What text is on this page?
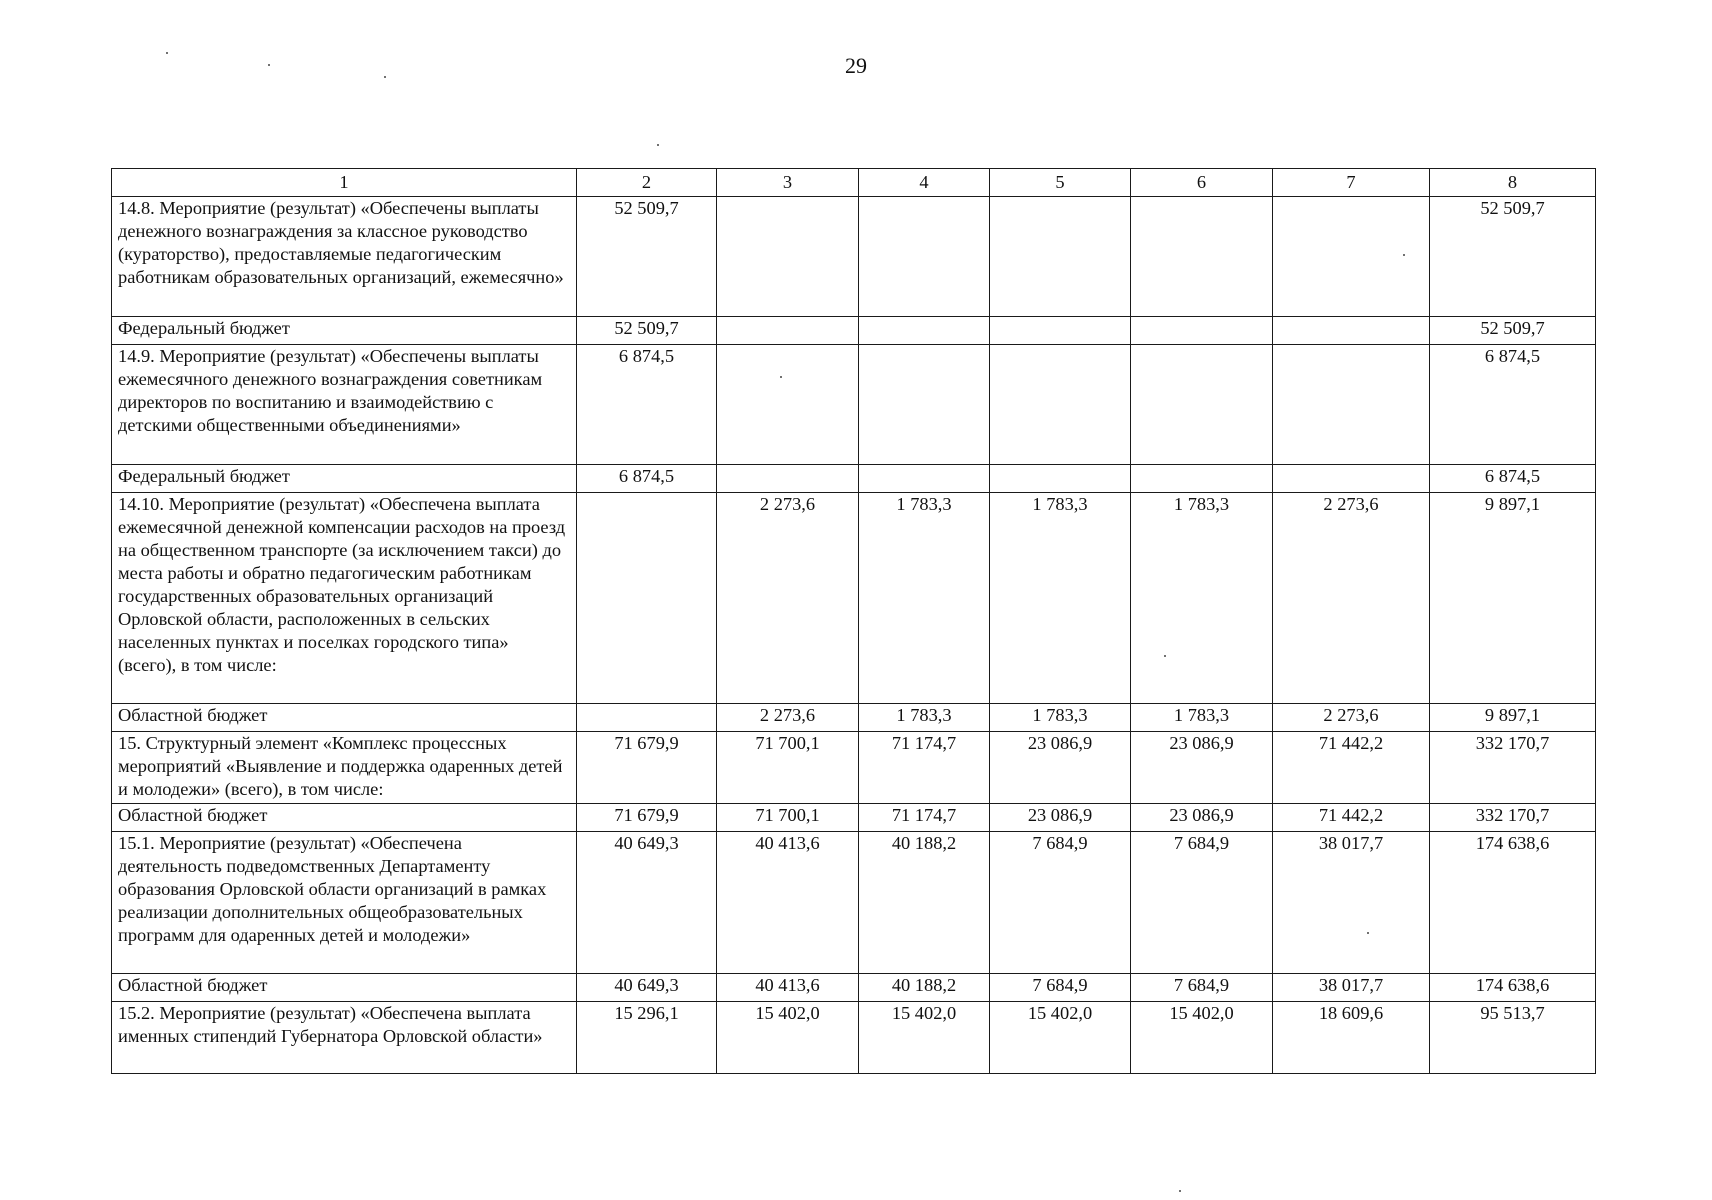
29
1	2	3	4	5	6	7	8
14.8. Мероприятие (результат) «Обеспечены выплаты денежного вознаграждения за классное руководство (кураторство), предоставляемые педагогическим работникам образовательных организаций, ежемесячно»	52 509,7						52 509,7
Федеральный бюджет	52 509,7						52 509,7
14.9. Мероприятие (результат) «Обеспечены выплаты ежемесячного денежного вознаграждения советникам директоров по воспитанию и взаимодействию с детскими общественными объединениями»	6 874,5						6 874,5
Федеральный бюджет	6 874,5						6 874,5
14.10. Мероприятие (результат) «Обеспечена выплата ежемесячной денежной компенсации расходов на проезд на общественном транспорте (за исключением такси) до места работы и обратно педагогическим работникам государственных образовательных организаций Орловской области, расположенных в сельских населенных пунктах и поселках городского типа» (всего), в том числе:		2 273,6	1 783,3	1 783,3	1 783,3	2 273,6	9 897,1
Областной бюджет		2 273,6	1 783,3	1 783,3	1 783,3	2 273,6	9 897,1
15. Структурный элемент «Комплекс процессных мероприятий «Выявление и поддержка одаренных детей и молодежи» (всего), в том числе:	71 679,9	71 700,1	71 174,7	23 086,9	23 086,9	71 442,2	332 170,7
Областной бюджет	71 679,9	71 700,1	71 174,7	23 086,9	23 086,9	71 442,2	332 170,7
15.1. Мероприятие (результат) «Обеспечена деятельность подведомственных Департаменту образования Орловской области организаций в рамках реализации дополнительных общеобразовательных программ для одаренных детей и молодежи»	40 649,3	40 413,6	40 188,2	7 684,9	7 684,9	38 017,7	174 638,6
Областной бюджет	40 649,3	40 413,6	40 188,2	7 684,9	7 684,9	38 017,7	174 638,6
15.2. Мероприятие (результат) «Обеспечена выплата именных стипендий Губернатора Орловской области»	15 296,1	15 402,0	15 402,0	15 402,0	15 402,0	18 609,6	95 513,7
